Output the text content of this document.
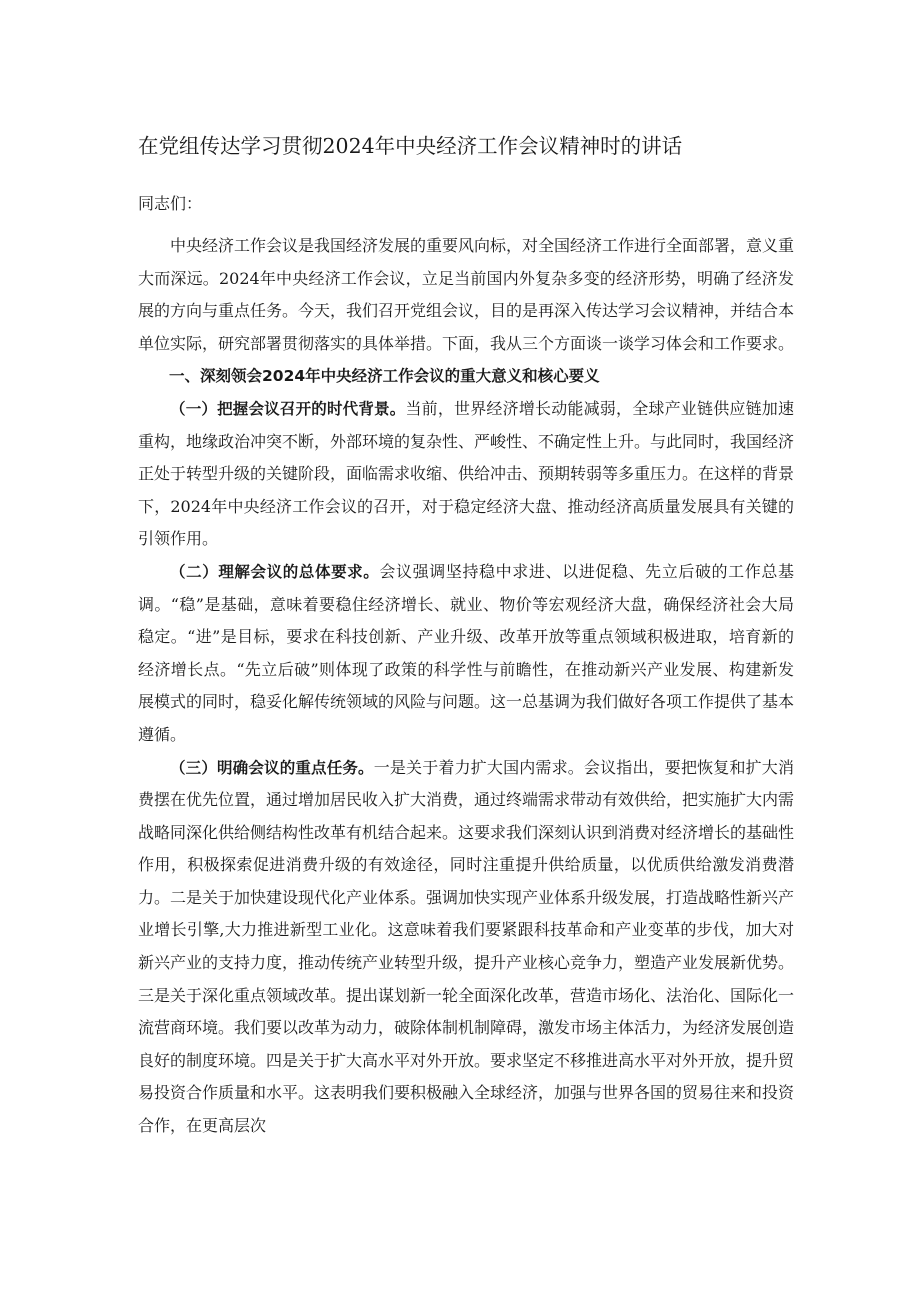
在党组传达学习贯彻2024年中央经济工作会议精神时的讲话

同志们：

中央经济工作会议是我国经济发展的重要风向标，对全国经济工作进行全面部署，意义重大而深远。2024年中央经济工作会议，立足当前国内外复杂多变的经济形势，明确了经济发展的方向与重点任务。今天，我们召开党组会议，目的是再深入传达学习会议精神，并结合本单位实际，研究部署贯彻落实的具体举措。下面，我从三个方面谈一谈学习体会和工作要求。

一、深刻领会2024年中央经济工作会议的重大意义和核心要义

（一）把握会议召开的时代背景。当前，世界经济增长动能减弱，全球产业链供应链加速重构，地缘政治冲突不断，外部环境的复杂性、严峻性、不确定性上升。与此同时，我国经济正处于转型升级的关键阶段，面临需求收缩、供给冲击、预期转弱等多重压力。在这样的背景下，2024年中央经济工作会议的召开，对于稳定经济大盘、推动经济高质量发展具有关键的引领作用。

（二）理解会议的总体要求。会议强调坚持稳中求进、以进促稳、先立后破的工作总基调。“稳”是基础，意味着要稳住经济增长、就业、物价等宏观经济大盘，确保经济社会大局稳定。“进”是目标，要求在科技创新、产业升级、改革开放等重点领域积极进取，培育新的经济增长点。“先立后破”则体现了政策的科学性与前瞻性，在推动新兴产业发展、构建新发展模式的同时，稳妥化解传统领域的风险与问题。这一总基调为我们做好各项工作提供了基本遵循。

（三）明确会议的重点任务。一是关于着力扩大国内需求。会议指出，要把恢复和扩大消费摆在优先位置，通过增加居民收入扩大消费，通过终端需求带动有效供给，把实施扩大内需战略同深化供给侧结构性改革有机结合起来。这要求我们深刻认识到消费对经济增长的基础性作用，积极探索促进消费升级的有效途径，同时注重提升供给质量，以优质供给激发消费潜力。二是关于加快建设现代化产业体系。强调加快实现产业体系升级发展，打造战略性新兴产业增长引擎,大力推进新型工业化。这意味着我们要紧跟科技革命和产业变革的步伐，加大对新兴产业的支持力度，推动传统产业转型升级，提升产业核心竞争力，塑造产业发展新优势。三是关于深化重点领域改革。提出谋划新一轮全面深化改革，营造市场化、法治化、国际化一流营商环境。我们要以改革为动力，破除体制机制障碍，激发市场主体活力，为经济发展创造良好的制度环境。四是关于扩大高水平对外开放。要求坚定不移推进高水平对外开放，提升贸易投资合作质量和水平。这表明我们要积极融入全球经济，加强与世界各国的贸易往来和投资合作，在更高层次
